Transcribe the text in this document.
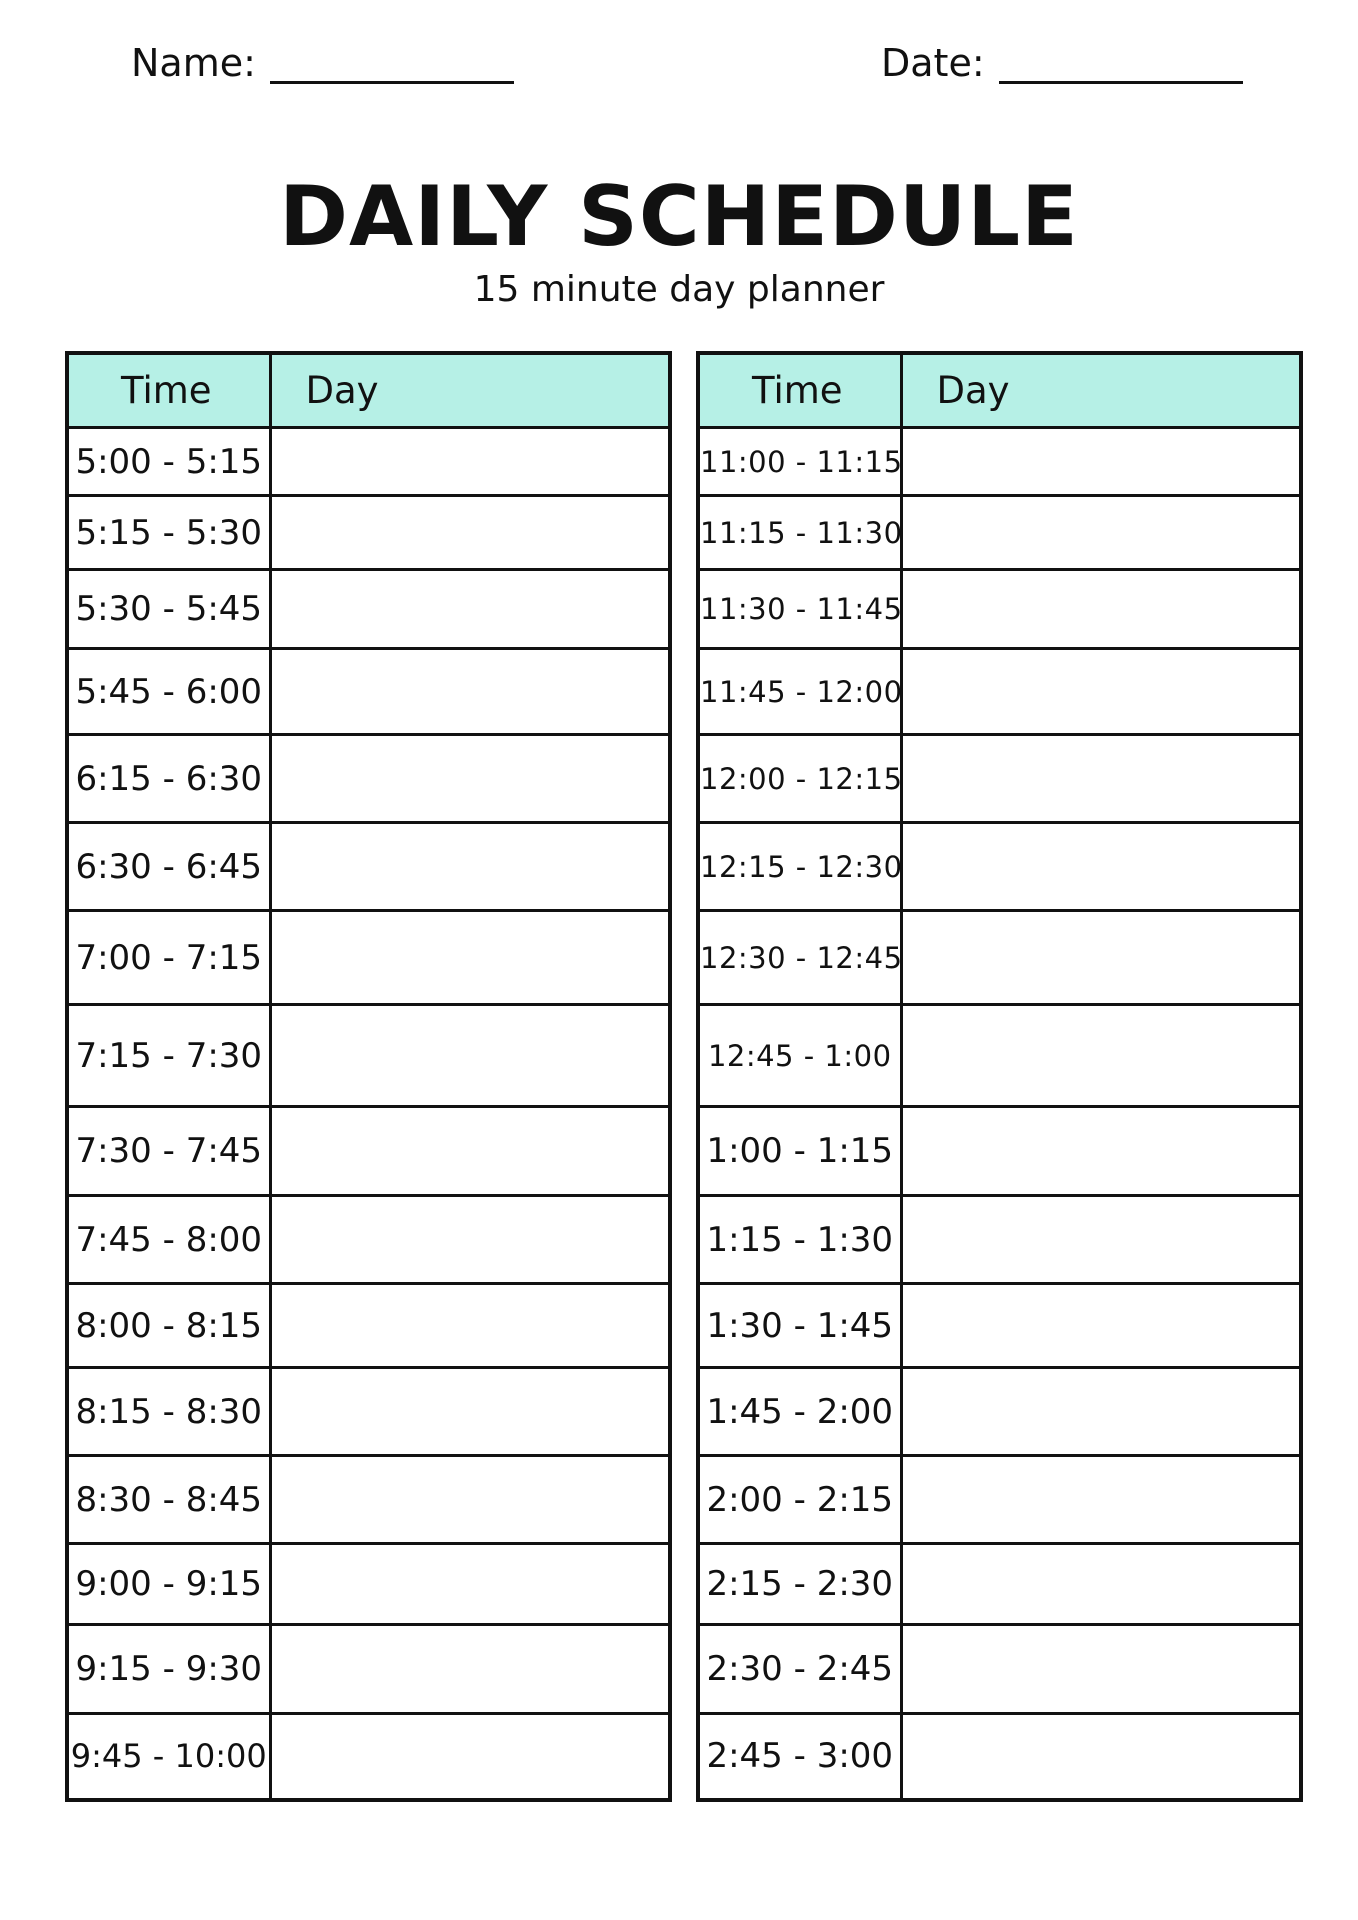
Name:	Date:
DAILY SCHEDULE
15 minute day planner
Time	Day
5:00 - 5:15	
5:15 - 5:30	
5:30 - 5:45	
5:45 - 6:00	
6:15 - 6:30	
6:30 - 6:45	
7:00 - 7:15	
7:15 - 7:30	
7:30 - 7:45	
7:45 - 8:00	
8:00 - 8:15	
8:15 - 8:30	
8:30 - 8:45	
9:00 - 9:15	
9:15 - 9:30	
9:45 - 10:00	
Time	Day
11:00 - 11:15	
11:15 - 11:30	
11:30 - 11:45	
11:45 - 12:00	
12:00 - 12:15	
12:15 - 12:30	
12:30 - 12:45	
12:45 - 1:00	
1:00 - 1:15	
1:15 - 1:30	
1:30 - 1:45	
1:45 - 2:00	
2:00 - 2:15	
2:15 - 2:30	
2:30 - 2:45	
2:45 - 3:00	
